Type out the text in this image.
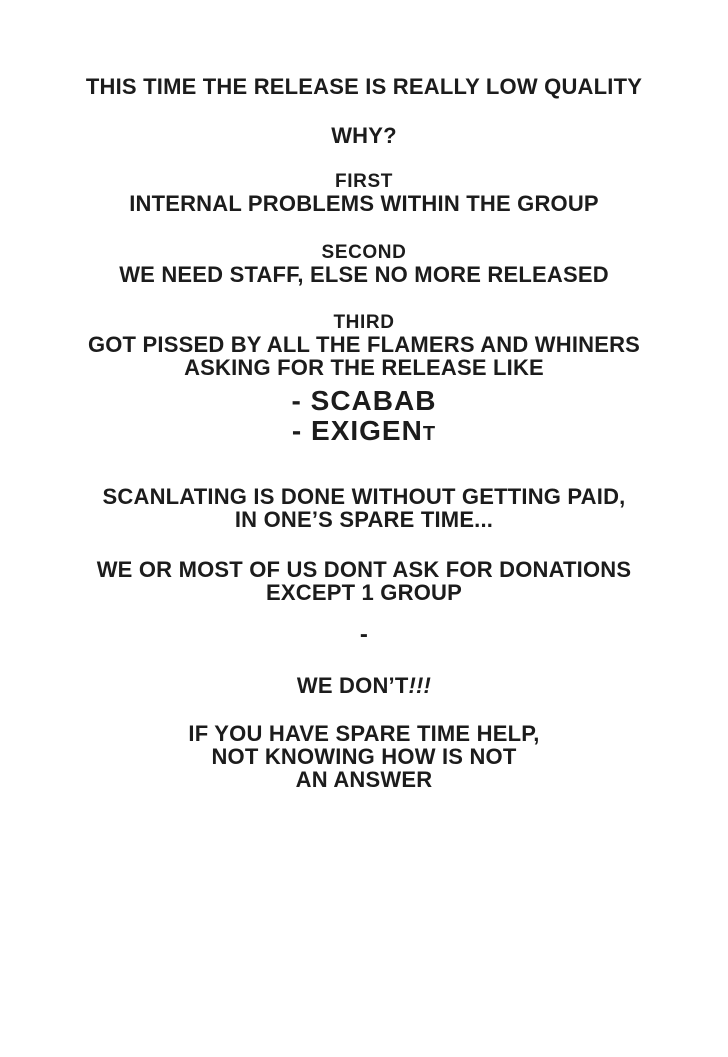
THIS TIME THE RELEASE IS REALLY LOW QUALITY
WHY?
FIRST
INTERNAL PROBLEMS WITHIN THE GROUP
SECOND
WE NEED STAFF, ELSE NO MORE RELEASED
THIRD
GOT PISSED BY ALL THE FLAMERS AND WHINERS
ASKING FOR THE RELEASE LIKE
- SCABAB
- EXIGENT
SCANLATING IS DONE WITHOUT GETTING PAID,
IN ONE’S SPARE TIME...
WE OR MOST OF US DONT ASK FOR DONATIONS
EXCEPT 1 GROUP
-
WE DON’T!!!
IF YOU HAVE SPARE TIME HELP,
NOT KNOWING HOW IS NOT
AN ANSWER
